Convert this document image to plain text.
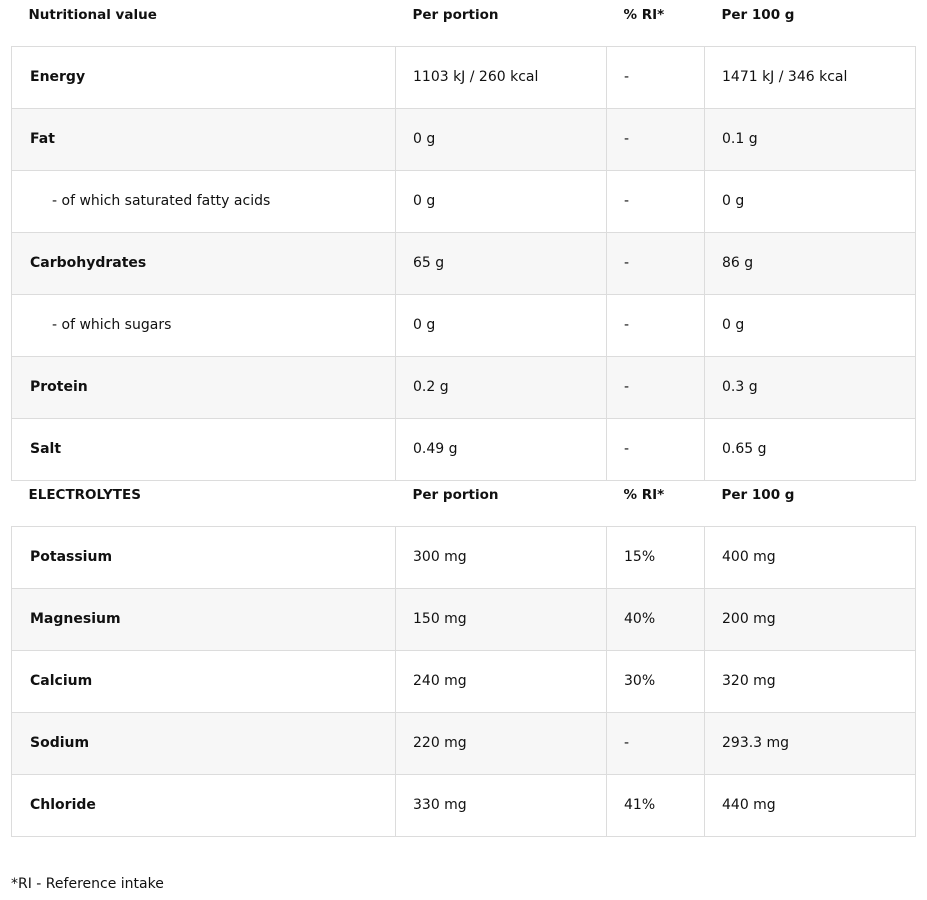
Nutritional value	Per portion	% RI*	Per 100 g
Energy	1103 kJ / 260 kcal	-	1471 kJ / 346 kcal
Fat	0 g	-	0.1 g
- of which saturated fatty acids	0 g	-	0 g
Carbohydrates	65 g	-	86 g
- of which sugars	0 g	-	0 g
Protein	0.2 g	-	0.3 g
Salt	0.49 g	-	0.65 g
ELECTROLYTES	Per portion	% RI*	Per 100 g
Potassium	300 mg	15%	400 mg
Magnesium	150 mg	40%	200 mg
Calcium	240 mg	30%	320 mg
Sodium	220 mg	-	293.3 mg
Chloride	330 mg	41%	440 mg
*RI - Reference intake
